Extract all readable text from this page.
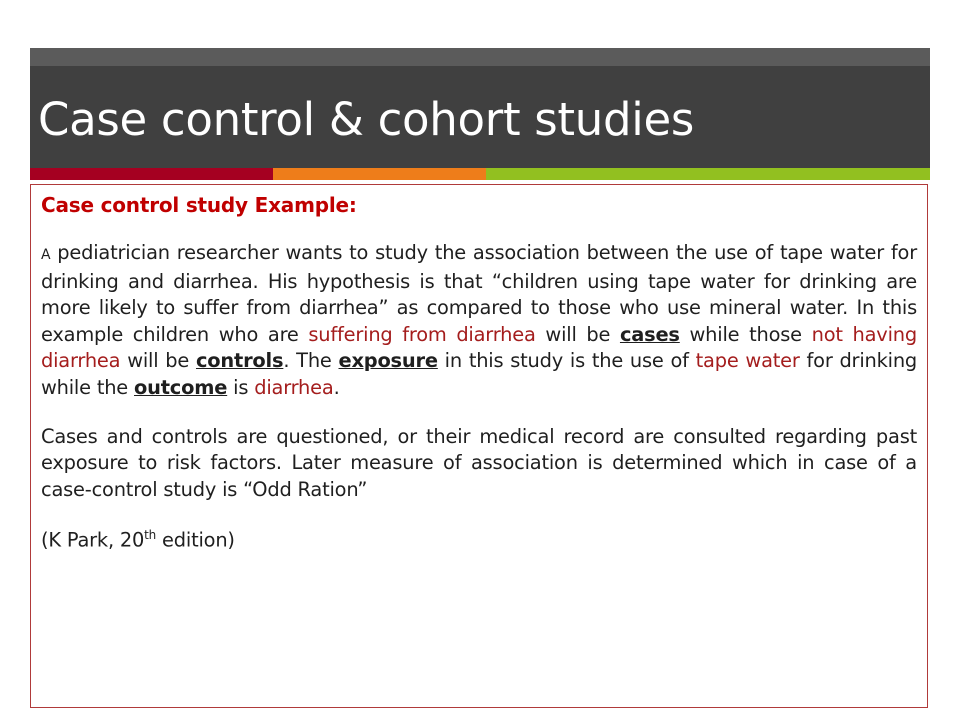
Case control & cohort studies

Case control study Example:

A pediatrician researcher wants to study the association between the use of tape water for drinking and diarrhea. His hypothesis is that “children using tape water for drinking are more likely to suffer from diarrhea” as compared to those who use mineral water. In this example children who are suffering from diarrhea will be cases while those not having diarrhea will be controls. The exposure in this study is the use of tape water for drinking while the outcome is diarrhea.

Cases and controls are questioned, or their medical record are consulted regarding past exposure to risk factors. Later measure of association is determined which in case of a case-control study is “Odd Ration”

(K Park, 20th edition)
